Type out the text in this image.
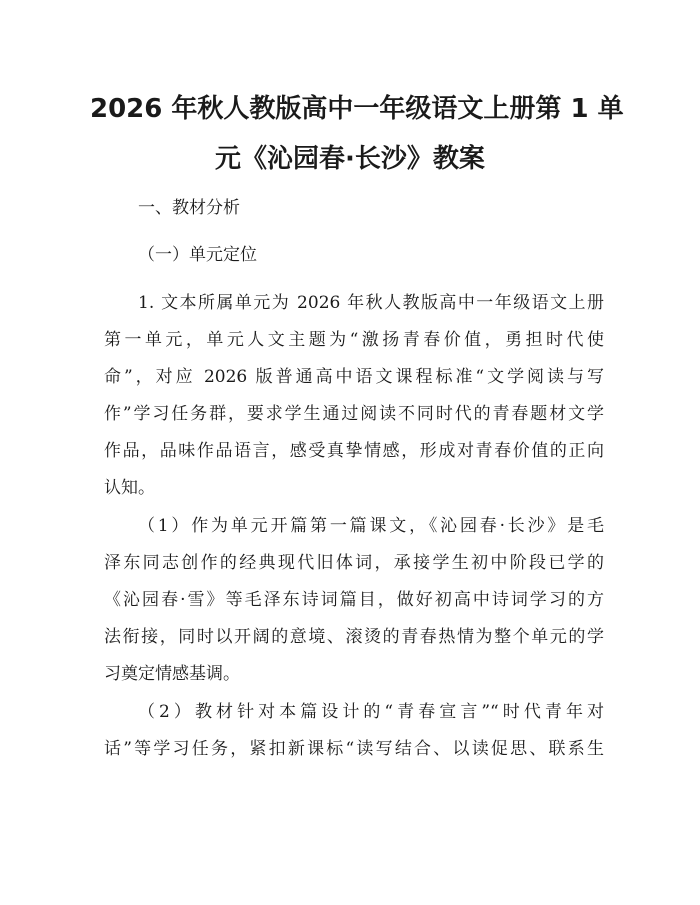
2026 年秋人教版高中一年级语文上册第 1 单
元《沁园春·长沙》教案
一、教材分析
（一）单元定位
1. 文本所属单元为 2026 年秋人教版高中一年级语文上册
第一单元，单元人文主题为“激扬青春价值，勇担时代使
命”，对应 2026 版普通高中语文课程标准“文学阅读与写
作”学习任务群，要求学生通过阅读不同时代的青春题材文学
作品，品味作品语言，感受真挚情感，形成对青春价值的正向
认知。
（1）作为单元开篇第一篇课文，《沁园春·长沙》是毛
泽东同志创作的经典现代旧体词，承接学生初中阶段已学的
《沁园春·雪》等毛泽东诗词篇目，做好初高中诗词学习的方
法衔接，同时以开阔的意境、滚烫的青春热情为整个单元的学
习奠定情感基调。
（2）教材针对本篇设计的“青春宣言”“时代青年对
话”等学习任务，紧扣新课标“读写结合、以读促思、联系生
